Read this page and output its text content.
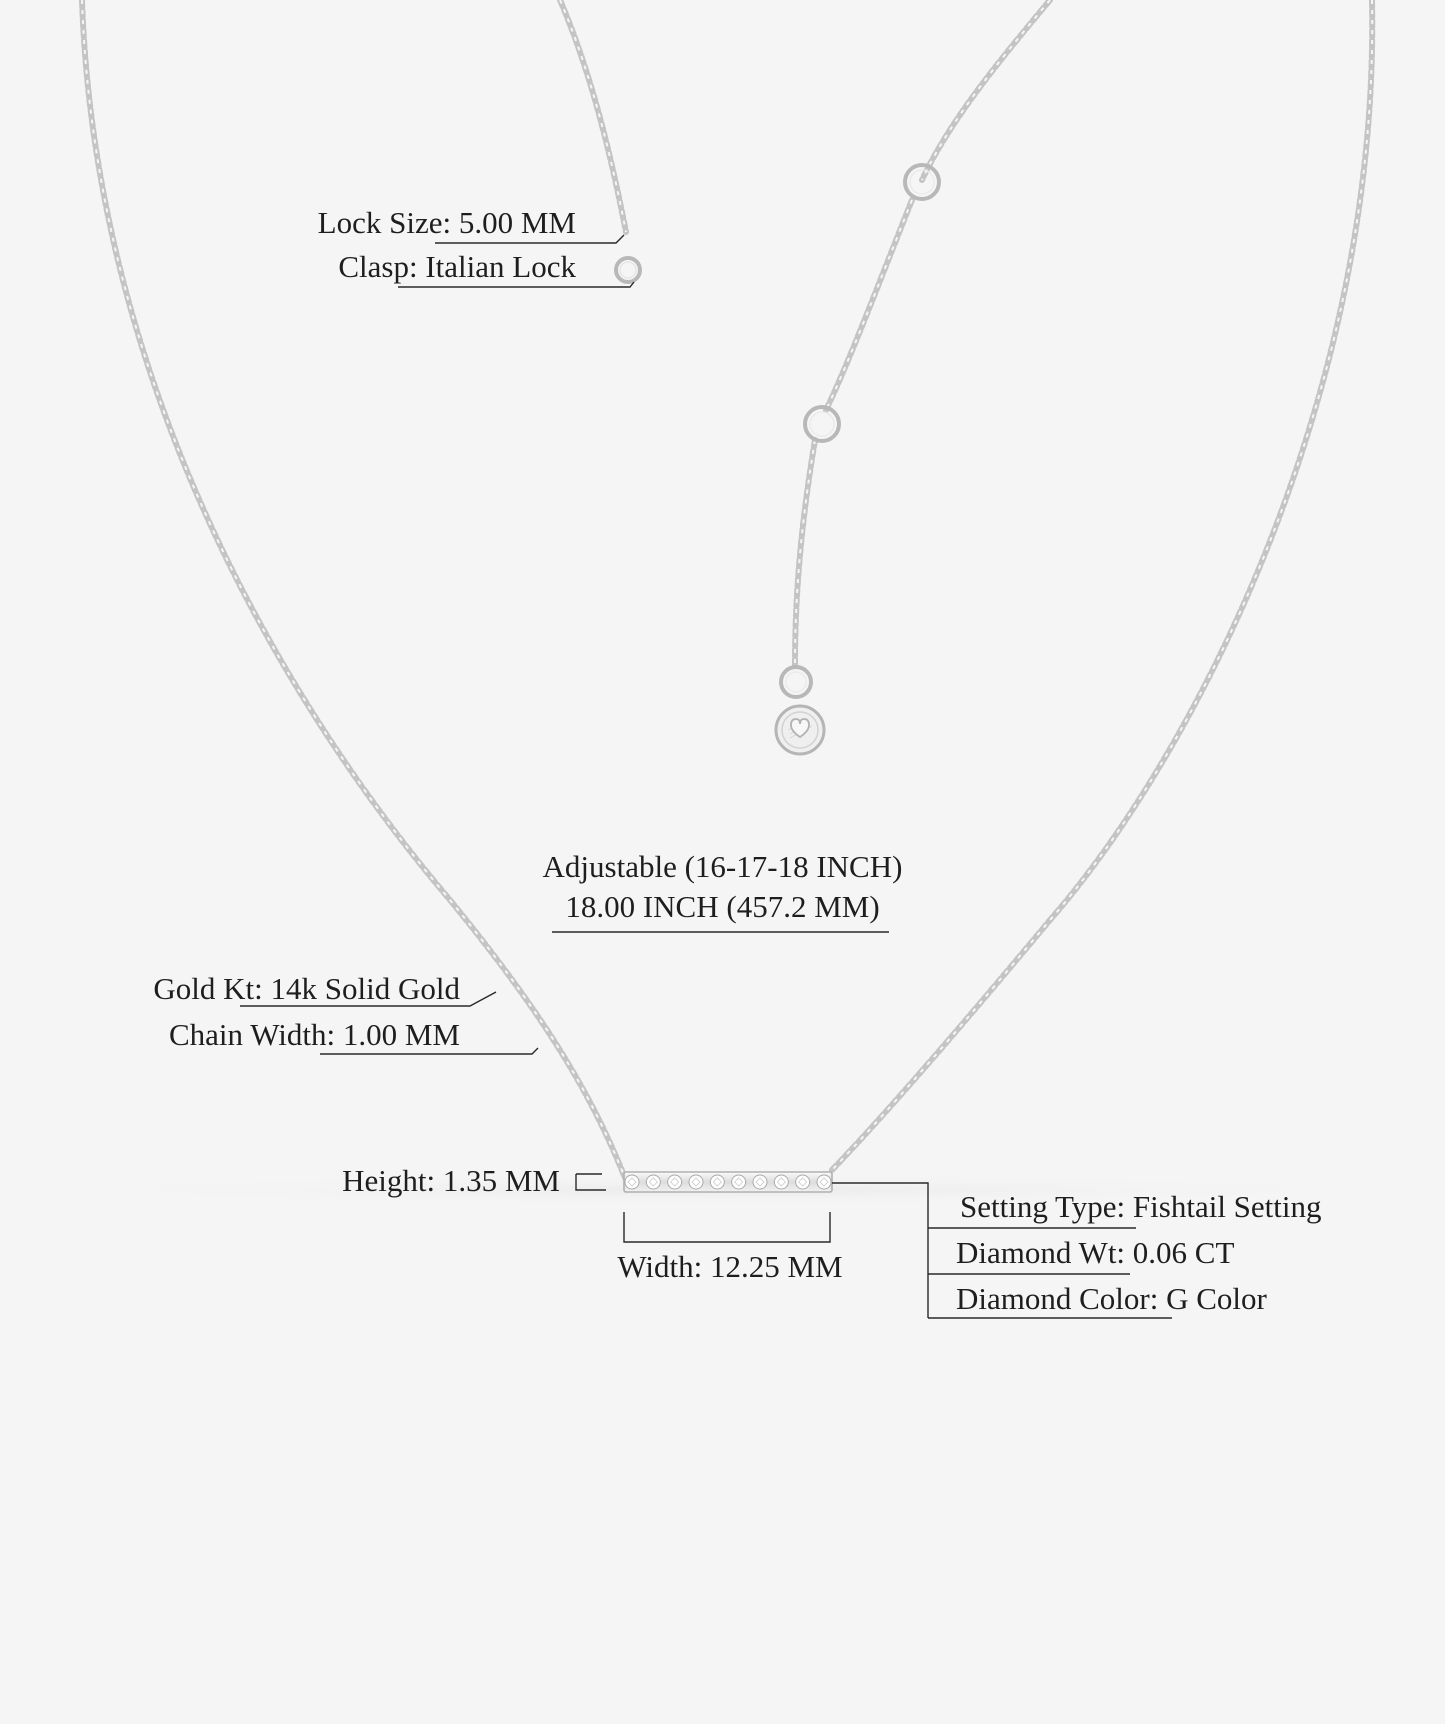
Lock Size: 5.00 MM
Clasp: Italian Lock
Adjustable (16-17-18 INCH)
18.00 INCH (457.2 MM)
Gold Kt: 14k Solid Gold
Chain Width: 1.00 MM
Height: 1.35 MM
Width: 12.25 MM
Setting Type: Fishtail Setting
Diamond Wt: 0.06 CT
Diamond Color: G Color
